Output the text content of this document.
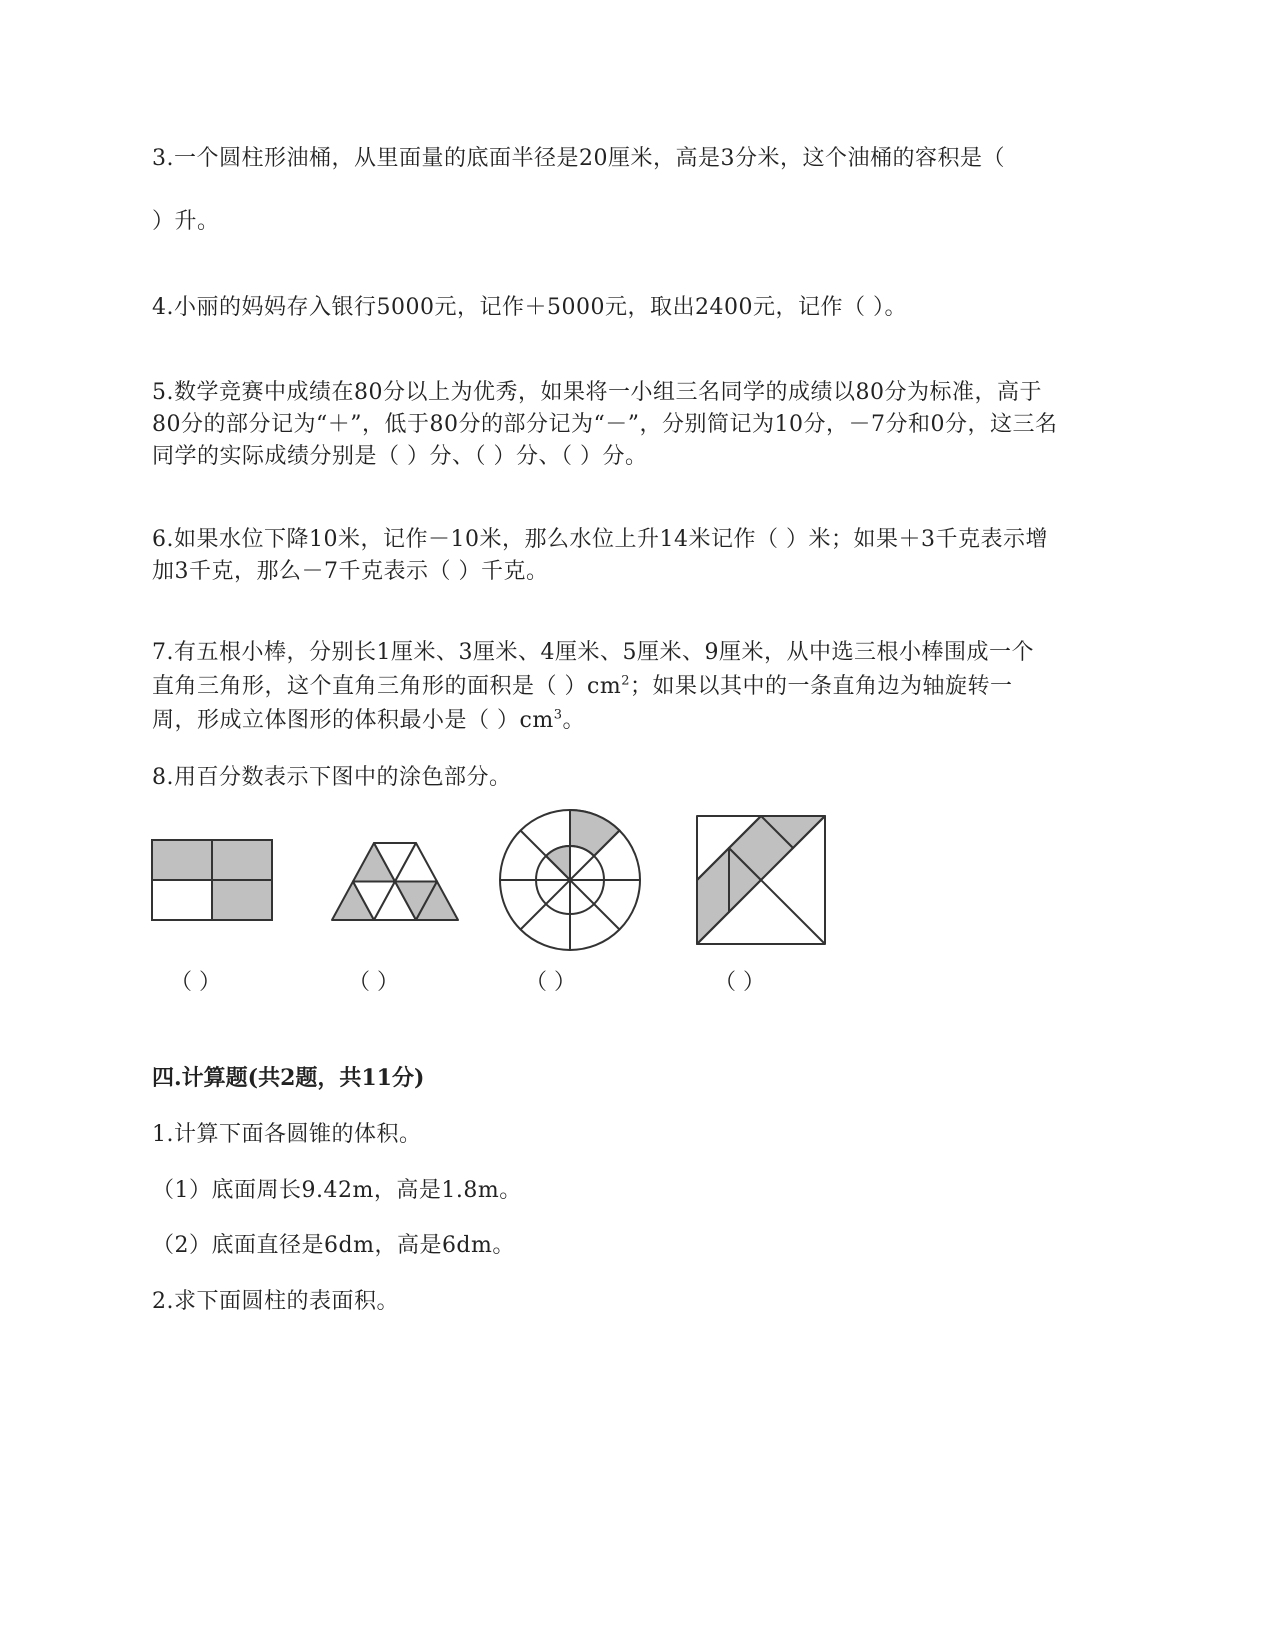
3.一个圆柱形油桶，从里面量的底面半径是20厘米，高是3分米，这个油桶的容积是（
）升。
4.小丽的妈妈存入银行5000元，记作＋5000元，取出2400元，记作（ ）。
5.数学竞赛中成绩在80分以上为优秀，如果将一小组三名同学的成绩以80分为标准，高于
80分的部分记为“＋”，低于80分的部分记为“－”，分别简记为10分，－7分和0分，这三名
同学的实际成绩分别是（ ）分、（ ）分、（ ）分。
6.如果水位下降10米，记作－10米，那么水位上升14米记作（ ）米；如果＋3千克表示增
加3千克，那么－7千克表示（ ）千克。
7.有五根小棒，分别长1厘米、3厘米、4厘米、5厘米、9厘米，从中选三根小棒围成一个
直角三角形，这个直角三角形的面积是（ ）$cm^2$；如果以其中的一条直角边为轴旋转一
周，形成立体图形的体积最小是（ ）$cm^3$。
8.用百分数表示下图中的涂色部分。
（ ）	（ ）	（ ）	（ ）
四.计算题(共2题，共11分)
1.计算下面各圆锥的体积。
（1）底面周长9.42m，高是1.8m。
（2）底面直径是6dm，高是6dm。
2.求下面圆柱的表面积。
